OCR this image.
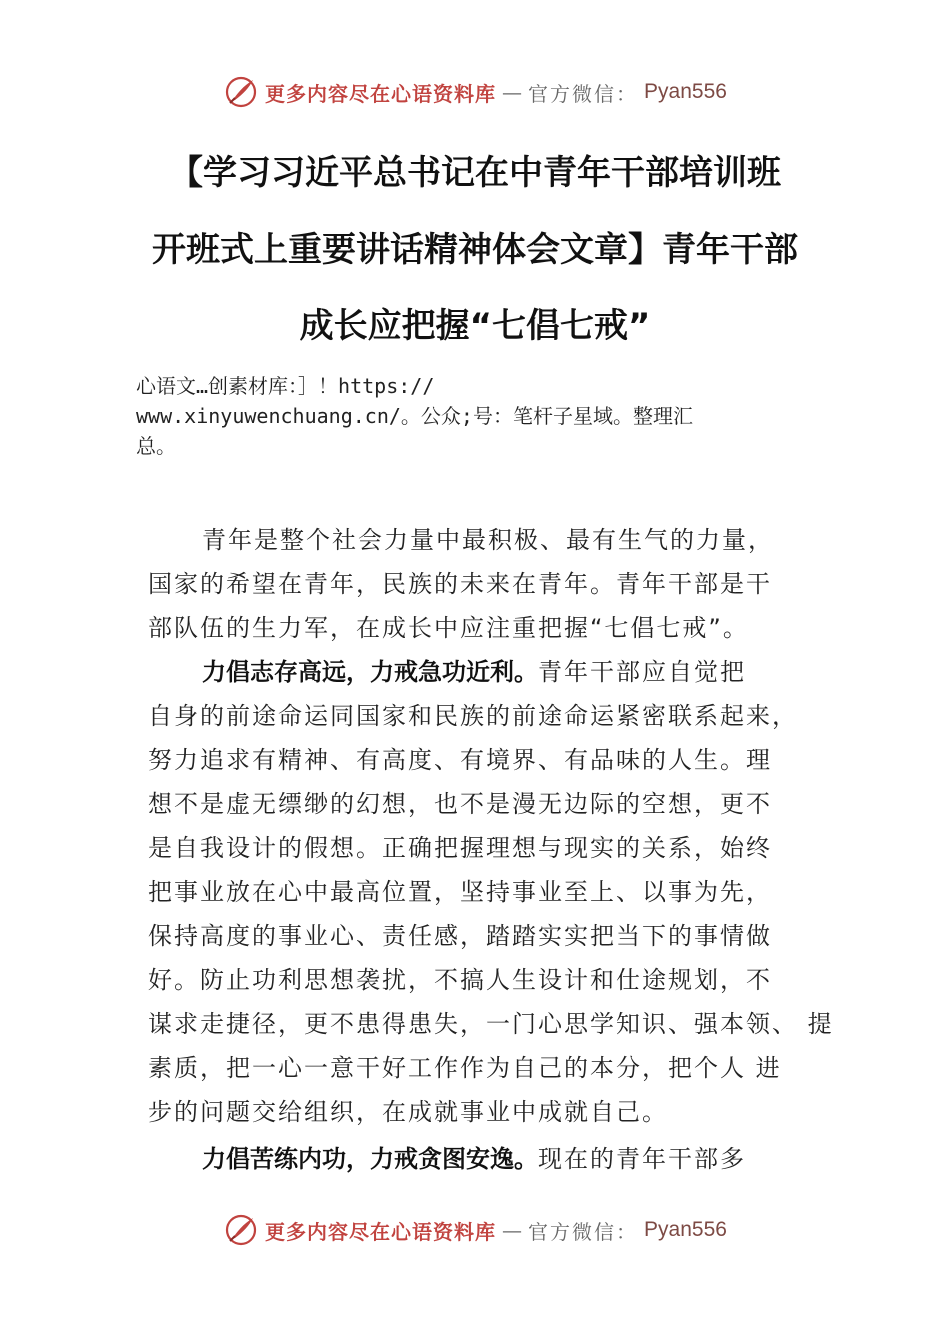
更多内容尽在心语资料库 — 官方微信： Pyan556
【学习习近平总书记在中青年干部培训班
开班式上重要讲话精神体会文章】青年干部
成长应把握“七倡七戒”
心语文…创素材库：］！https://
www.xinyuwenchuang.cn/。公众;号：笔杆子星域。整理汇
总。
青年是整个社会力量中最积极、最有生气的力量，
国家的希望在青年，民族的未来在青年。青年干部是干
部队伍的生力军，在成长中应注重把握“七倡七戒”。
力倡志存高远，力戒急功近利。青年干部应自觉把
自身的前途命运同国家和民族的前途命运紧密联系起来，
努力追求有精神、有高度、有境界、有品味的人生。理
想不是虚无缥缈的幻想，也不是漫无边际的空想，更不
是自我设计的假想。正确把握理想与现实的关系，始终
把事业放在心中最高位置，坚持事业至上、以事为先，
保持高度的事业心、责任感，踏踏实实把当下的事情做
好。防止功利思想袭扰，不搞人生设计和仕途规划，不
谋求走捷径，更不患得患失，一门心思学知识、强本领、 提
素质，把一心一意干好工作作为自己的本分，把个人 进
步的问题交给组织，在成就事业中成就自己。
力倡苦练内功，力戒贪图安逸。现在的青年干部多
更多内容尽在心语资料库 — 官方微信： Pyan556
